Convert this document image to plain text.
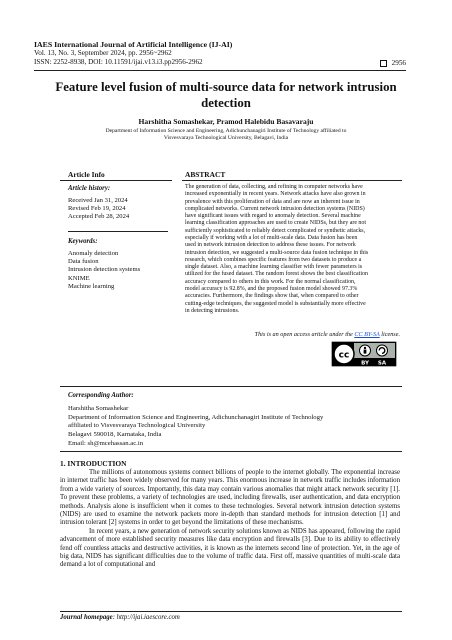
IAES International Journal of Artificial Intelligence (IJ-AI)
Vol. 13, No. 3, September 2024, pp. 2956~2962
ISSN: 2252-8938, DOI: 10.11591/ijai.v13.i3.pp2956-2962	2956
Feature level fusion of multi-source data for network intrusion
detection
Harshitha Somashekar, Pramod Halebidu Basavaraju
Department of Information Science and Engineering, Adichunchanagiri Institute of Technology affiliated to
Visvesvaraya Technological University, Belagavi, India
Article Info	ABSTRACT
Article history:
Received Jan 31, 2024
Revised Feb 19, 2024
Accepted Feb 28, 2024
Keywords:
Anomaly detection
Data fusion
Intrusion detection systems
KNIME
Machine learning
The generation of data, collecting, and refining in computer networks have
increased exponentially in recent years. Network attacks have also grown in
prevalence with this proliferation of data and are now an inherent issue in
complicated networks. Current network intrusion detection systems (NIDS)
have significant issues with regard to anomaly detection. Several machine
learning classification approaches are used to create NIDSs, but they are not
sufficiently sophisticated to reliably detect complicated or synthetic attacks,
especially if working with a lot of multi-scale data. Data fusion has been
used in network intrusion detection to address these issues. For network
intrusion detection, we suggested a multi-source data fusion technique in this
research, which combines specific features from two datasets to produce a
single dataset. Also, a machine learning classifier with fewer parameters is
utilized for the fused dataset. The random forest shows the best classification
accuracy compared to others in this work. For the normal classification,
model accuracy is 92.8%, and the proposed fusion model showed 97.3%
accuracies. Furthermore, the findings show that, when compared to other
cutting-edge techniques, the suggested model is substantially more effective
in detecting intrusions.
This is an open access article under the CC BY-SA license.
cc
BY SA
Corresponding Author:
Harshitha Somashekar
Department of Information Science and Engineering, Adichunchanagiri Institute of Technology
affiliated to Visvesvaraya Technological University
Belagavi 590018, Karnataka, India
Email: sh@mcehassan.ac.in
1. INTRODUCTION

The millions of autonomous systems connect billions of people to the internet globally. The exponential increase in internet traffic has been widely observed for many years. This enormous increase in network traffic includes information from a wide variety of sources. Importantly, this data may contain various anomalies that might attack network security [1]. To prevent these problems, a variety of technologies are used, including firewalls, user authentication, and data encryption methods. Analysis alone is insufficient when it comes to these technologies. Several network intrusion detection systems (NIDS) are used to examine the network packets more in-depth than standard methods for intrusion detection [1] and intrusion tolerant [2] systems in order to get beyond the limitations of these mechanisms.

In recent years, a new generation of network security solutions known as NIDS has appeared, following the rapid advancement of more established security measures like data encryption and firewalls [3]. Due to its ability to effectively fend off countless attacks and destructive activities, it is known as the internets second line of protection. Yet, in the age of big data, NIDS has significant difficulties due to the volume of traffic data. First off, massive quantities of multi-scale data demand a lot of computational and

Journal homepage: http://ijai.iaescore.com
